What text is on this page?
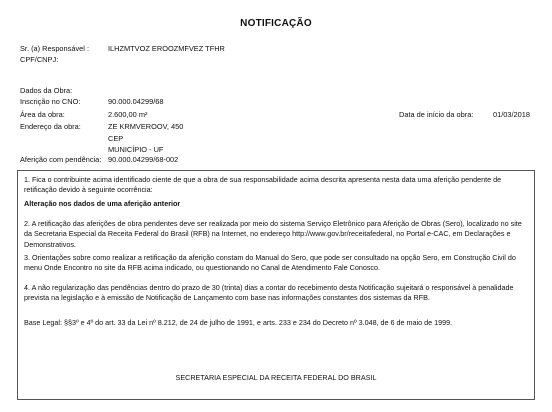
NOTIFICAÇÃO
Sr. (a) Responsável :	ILHZMTVOZ EROOZMFVEZ TFHR
CPF/CNPJ:
Dados da Obra:
Inscrição no CNO:	90.000.04299/68
Área da obra:	2.600,00 m²	Data de início da obra:	01/03/2018
Endereço da obra:	ZE KRMVEROOV, 450
CEP
MUNICÍPIO - UF
Aferição com pendência: 90.000.04299/68-002
1. Fica o contribuinte acima identificado ciente de que a obra de sua responsabilidade acima descrita apresenta nesta data uma aferição pendente de retificação devido à seguinte ocorrência:
Alteração nos dados de uma aferição anterior
2. A retificação das aferições de obra pendentes deve ser realizada por meio do sistema Serviço Eletrônico para Aferição de Obras (Sero), localizado no site da Secretaria Especial da Receita Federal do Brasil (RFB) na Internet, no endereço http://www.gov.br/receitafederal, no Portal e-CAC, em Declarações e Demonstrativos.
3. Orientações sobre como realizar a retificação da aferição constam do Manual do Sero, que pode ser consultado na opção Sero, em Construção Civil do menu Onde Encontro no site da RFB acima indicado, ou questionando no Canal de Atendimento Fale Conosco.
4. A não regularização das pendências dentro do prazo de 30 (trinta) dias a contar do recebimento desta Notificação sujeitará o responsável à penalidade prevista na legislação e à emissão de Notificação de Lançamento com base nas informações constantes dos sistemas da RFB.
Base Legal: §§3º e 4º do art. 33 da Lei nº 8.212, de 24 de julho de 1991, e arts. 233 e 234 do Decreto nº 3.048, de 6 de maio de 1999.
SECRETARIA ESPECIAL DA RECEITA FEDERAL DO BRASIL
